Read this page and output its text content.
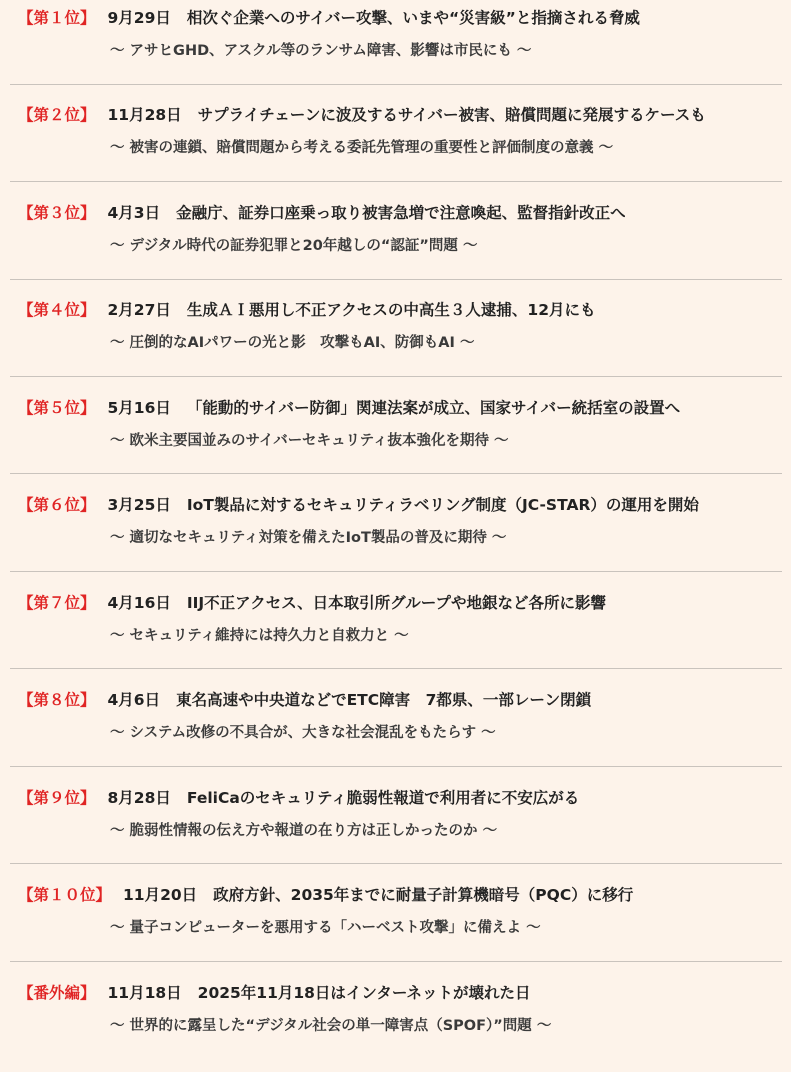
【第１位】 9月29日 相次ぐ企業へのサイバー攻撃、いまや“災害級”と指摘される脅威
～ アサヒGHD、アスクル等のランサム障害、影響は市民にも ～
【第２位】 11月28日 サプライチェーンに波及するサイバー被害、賠償問題に発展するケースも
～ 被害の連鎖、賠償問題から考える委託先管理の重要性と評価制度の意義 ～
【第３位】 4月3日 金融庁、証券口座乗っ取り被害急増で注意喚起、監督指針改正へ
～ デジタル時代の証券犯罪と20年越しの“認証”問題 ～
【第４位】 2月27日 生成ＡＩ悪用し不正アクセスの中高生３人逮捕、12月にも
～ 圧倒的なAIパワーの光と影　攻撃もAI、防御もAI ～
【第５位】 5月16日 「能動的サイバー防御」関連法案が成立、国家サイバー統括室の設置へ
～ 欧米主要国並みのサイバーセキュリティ抜本強化を期待 ～
【第６位】 3月25日 IoT製品に対するセキュリティラベリング制度（JC-STAR）の運用を開始
～ 適切なセキュリティ対策を備えたIoT製品の普及に期待 ～
【第７位】 4月16日 IIJ不正アクセス、日本取引所グループや地銀など各所に影響
～ セキュリティ維持には持久力と自救力と ～
【第８位】 4月6日 東名高速や中央道などでETC障害　7都県、一部レーン閉鎖
～ システム改修の不具合が、大きな社会混乱をもたらす ～
【第９位】 8月28日 FeliCaのセキュリティ脆弱性報道で利用者に不安広がる
～ 脆弱性情報の伝え方や報道の在り方は正しかったのか ～
【第１０位】 11月20日 政府方針、2035年までに耐量子計算機暗号（PQC）に移行
～ 量子コンピューターを悪用する「ハーベスト攻撃」に備えよ ～
【番外編】 11月18日 2025年11月18日はインターネットが壊れた日
～ 世界的に露呈した“デジタル社会の単一障害点（SPOF）”問題 ～
